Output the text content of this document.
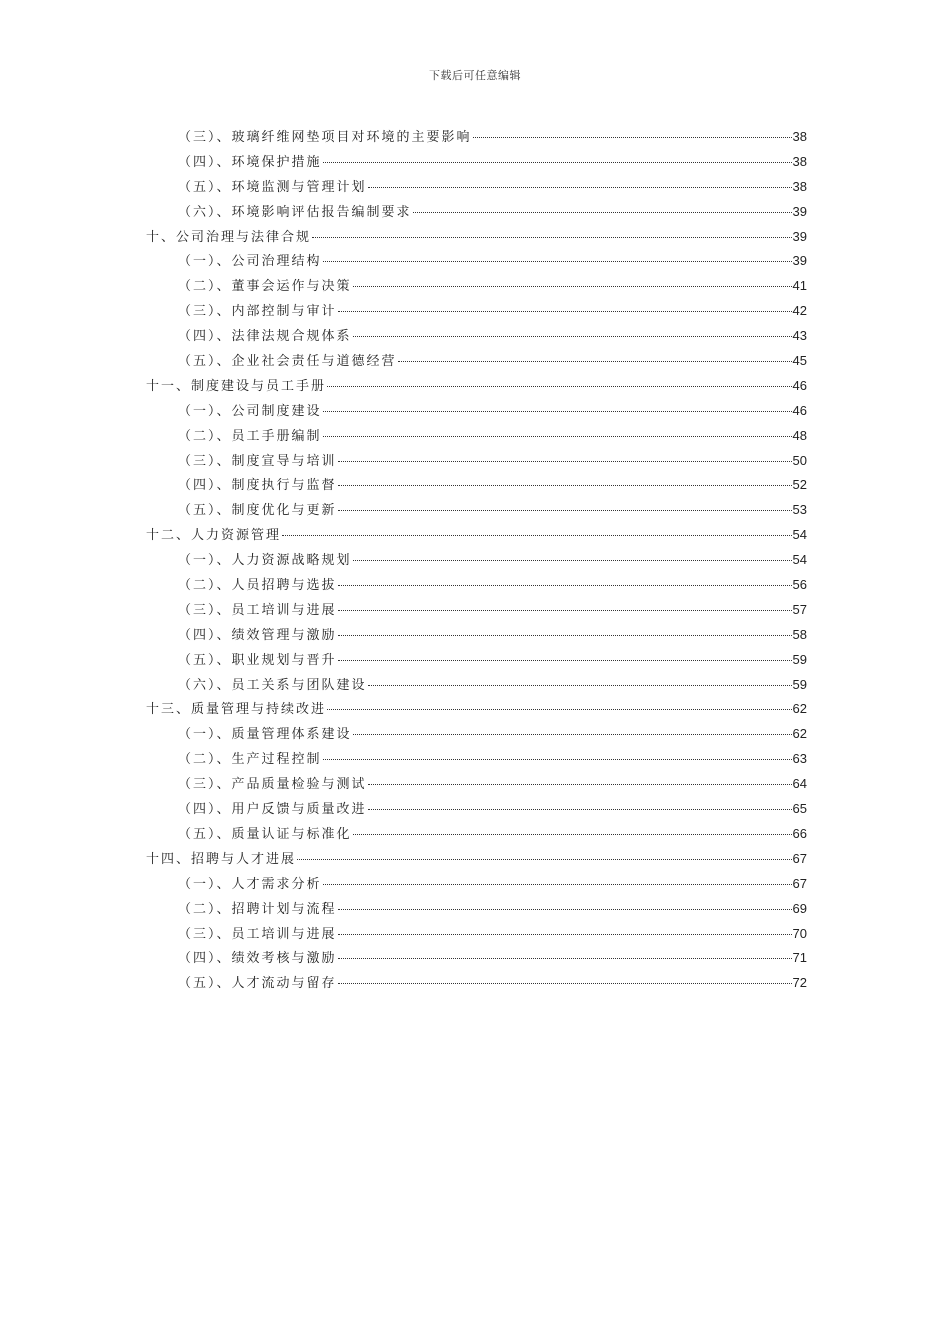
下载后可任意编辑
（三）、玻璃纤维网垫项目对环境的主要影响	38
（四）、环境保护措施	38
（五）、环境监测与管理计划	38
（六）、环境影响评估报告编制要求	39
十、公司治理与法律合规	39
（一）、公司治理结构	39
（二）、董事会运作与决策	41
（三）、内部控制与审计	42
（四）、法律法规合规体系	43
（五）、企业社会责任与道德经营	45
十一、制度建设与员工手册	46
（一）、公司制度建设	46
（二）、员工手册编制	48
（三）、制度宣导与培训	50
（四）、制度执行与监督	52
（五）、制度优化与更新	53
十二、人力资源管理	54
（一）、人力资源战略规划	54
（二）、人员招聘与选拔	56
（三）、员工培训与进展	57
（四）、绩效管理与激励	58
（五）、职业规划与晋升	59
（六）、员工关系与团队建设	59
十三、质量管理与持续改进	62
（一）、质量管理体系建设	62
（二）、生产过程控制	63
（三）、产品质量检验与测试	64
（四）、用户反馈与质量改进	65
（五）、质量认证与标准化	66
十四、招聘与人才进展	67
（一）、人才需求分析	67
（二）、招聘计划与流程	69
（三）、员工培训与进展	70
（四）、绩效考核与激励	71
（五）、人才流动与留存	72
